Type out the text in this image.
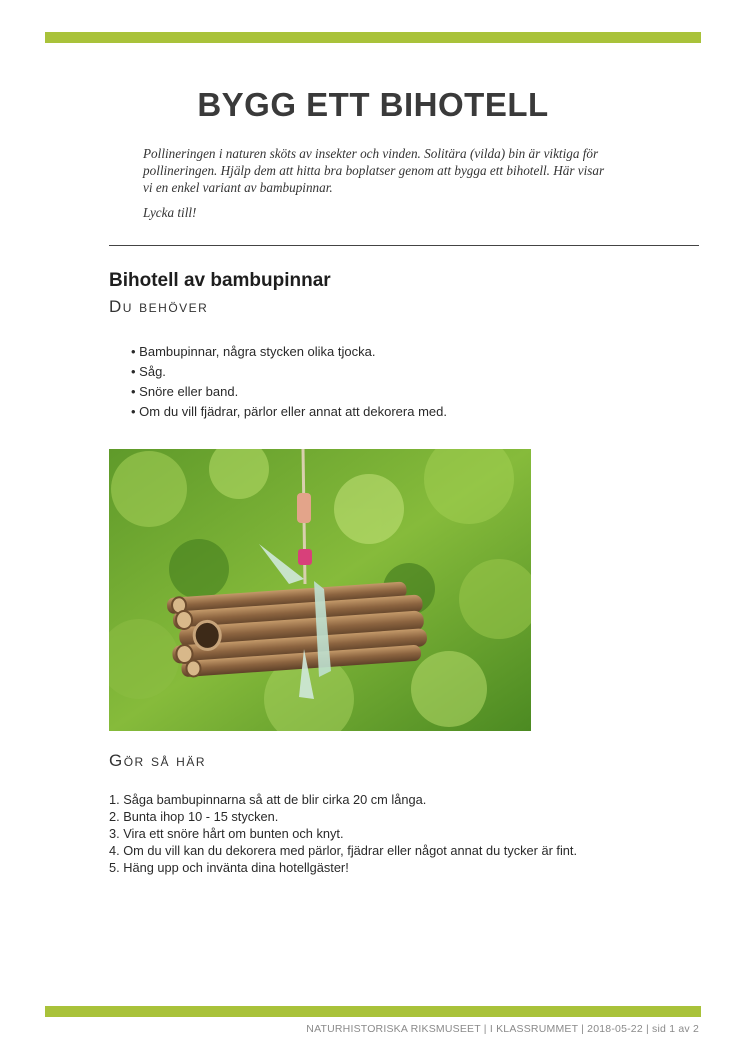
BYGG ETT BIHOTELL

Pollineringen i naturen sköts av insekter och vinden. Solitära (vilda) bin är viktiga för pollineringen. Hjälp dem att hitta bra boplatser genom att bygga ett bihotell. Här visar vi en enkel variant av bambupinnar.

Lycka till!

Bihotell av bambupinnar
Du behöver
• Bambupinnar, några stycken olika tjocka.
• Såg.
• Snöre eller band.
• Om du vill fjädrar, pärlor eller annat att dekorera med.
Gör så här
1. Såga bambupinnarna så att de blir cirka 20 cm långa.
2. Bunta ihop 10 - 15 stycken.
3. Vira ett snöre hårt om bunten och knyt.
4. Om du vill kan du dekorera med pärlor, fjädrar eller något annat du tycker är fint.
5. Häng upp och invänta dina hotellgäster!
NATURHISTORISKA RIKSMUSEET | I KLASSRUMMET | 2018-05-22 | sid 1 av 2
